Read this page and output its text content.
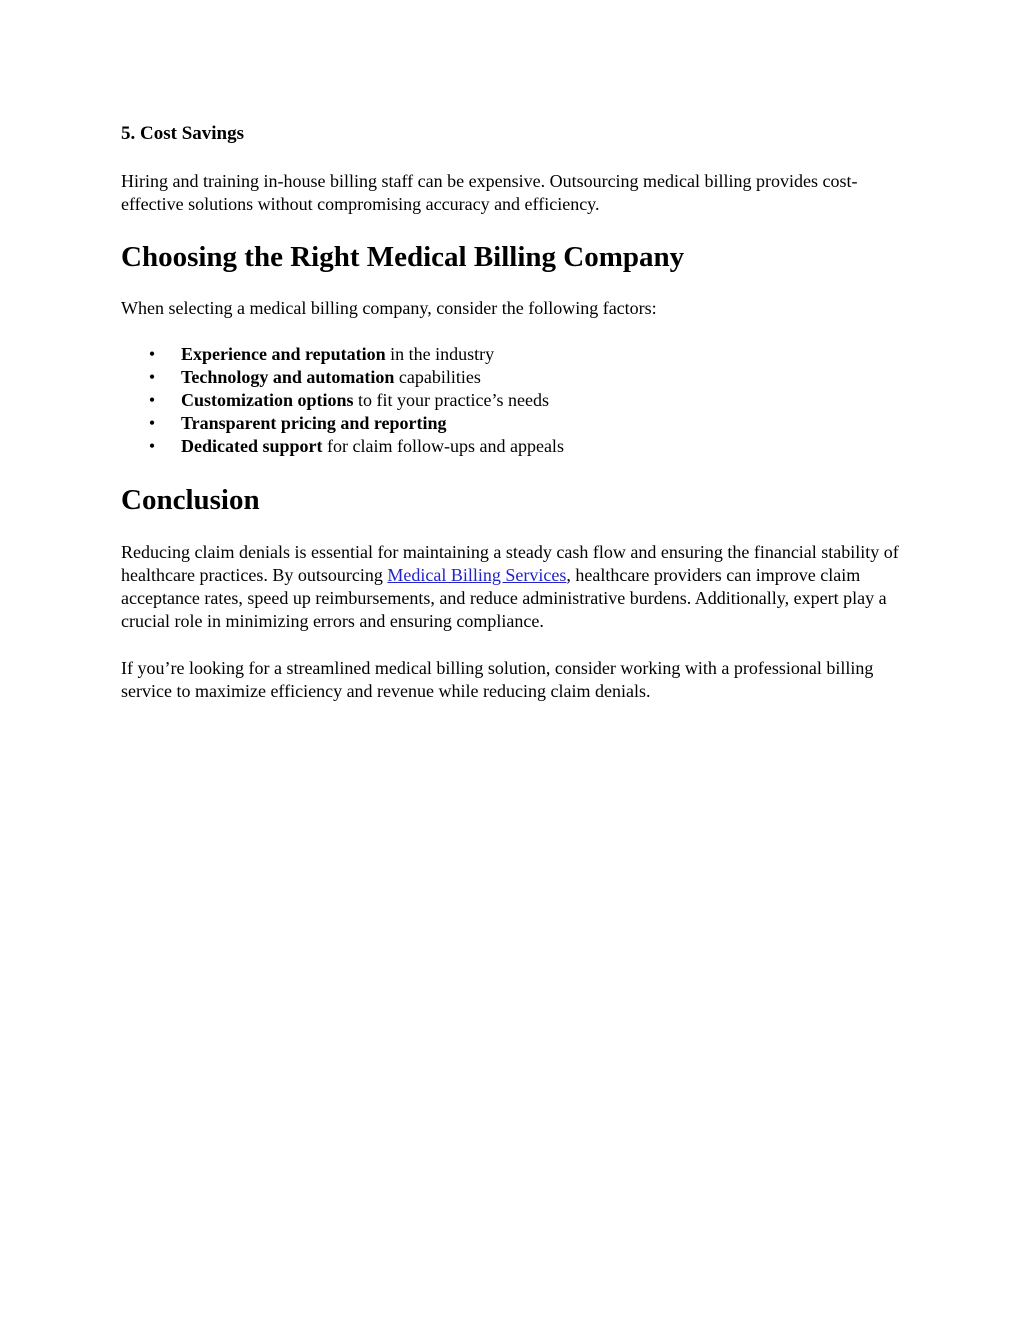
5. Cost Savings

Hiring and training in-house billing staff can be expensive. Outsourcing medical billing provides cost-effective solutions without compromising accuracy and efficiency.

Choosing the Right Medical Billing Company

When selecting a medical billing company, consider the following factors:

• Experience and reputation in the industry
• Technology and automation capabilities
• Customization options to fit your practice’s needs
• Transparent pricing and reporting
• Dedicated support for claim follow-ups and appeals
Conclusion

Reducing claim denials is essential for maintaining a steady cash flow and ensuring the financial stability of healthcare practices. By outsourcing Medical Billing Services, healthcare providers can improve claim acceptance rates, speed up reimbursements, and reduce administrative burdens. Additionally, expert play a crucial role in minimizing errors and ensuring compliance.

If you’re looking for a streamlined medical billing solution, consider working with a professional billing service to maximize efficiency and revenue while reducing claim denials.
